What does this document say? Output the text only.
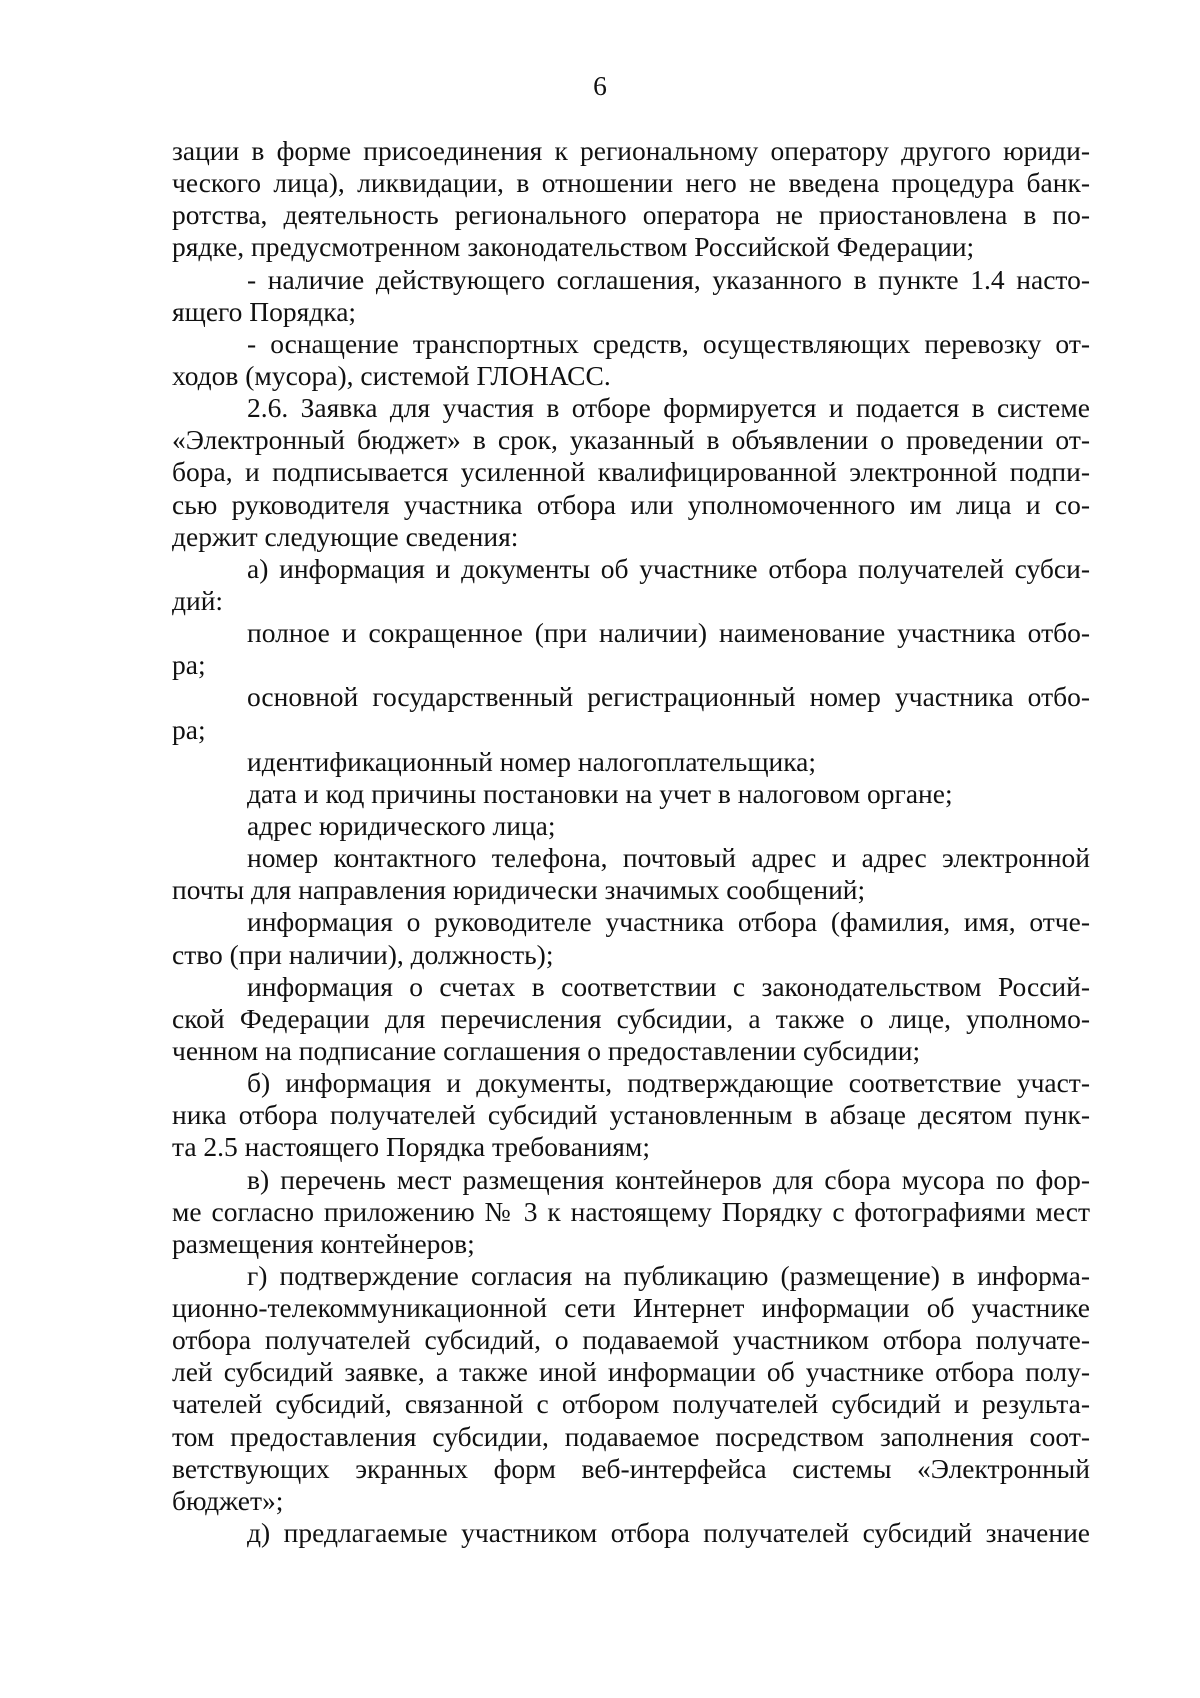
6
зации в форме присоединения к региональному оператору другого юриди-
ческого лица), ликвидации, в отношении него не введена процедура банк-
ротства, деятельность регионального оператора не приостановлена в по-
рядке, предусмотренном законодательством Российской Федерации;
- наличие действующего соглашения, указанного в пункте 1.4 насто-
ящего Порядка;
- оснащение транспортных средств, осуществляющих перевозку от-
ходов (мусора), системой ГЛОНАСС.
2.6. Заявка для участия в отборе формируется и подается в системе
«Электронный бюджет» в срок, указанный в объявлении о проведении от-
бора, и подписывается усиленной квалифицированной электронной подпи-
сью руководителя участника отбора или уполномоченного им лица и со-
держит следующие сведения:
а) информация и документы об участнике отбора получателей субси-
дий:
полное и сокращенное (при наличии) наименование участника отбо-
ра;
основной государственный регистрационный номер участника отбо-
ра;
идентификационный номер налогоплательщика;
дата и код причины постановки на учет в налоговом органе;
адрес юридического лица;
номер контактного телефона, почтовый адрес и адрес электронной
почты для направления юридически значимых сообщений;
информация о руководителе участника отбора (фамилия, имя, отче-
ство (при наличии), должность);
информация о счетах в соответствии с законодательством Россий-
ской Федерации для перечисления субсидии, а также о лице, уполномо-
ченном на подписание соглашения о предоставлении субсидии;
б) информация и документы, подтверждающие соответствие участ-
ника отбора получателей субсидий установленным в абзаце десятом пунк-
та 2.5 настоящего Порядка требованиям;
в) перечень мест размещения контейнеров для сбора мусора по фор-
ме согласно приложению № 3 к настоящему Порядку с фотографиями мест
размещения контейнеров;
г) подтверждение согласия на публикацию (размещение) в информа-
ционно-телекоммуникационной сети Интернет информации об участнике
отбора получателей субсидий, о подаваемой участником отбора получате-
лей субсидий заявке, а также иной информации об участнике отбора полу-
чателей субсидий, связанной с отбором получателей субсидий и результа-
том предоставления субсидии, подаваемое посредством заполнения соот-
ветствующих экранных форм веб-интерфейса системы «Электронный
бюджет»;
д) предлагаемые участником отбора получателей субсидий значение
